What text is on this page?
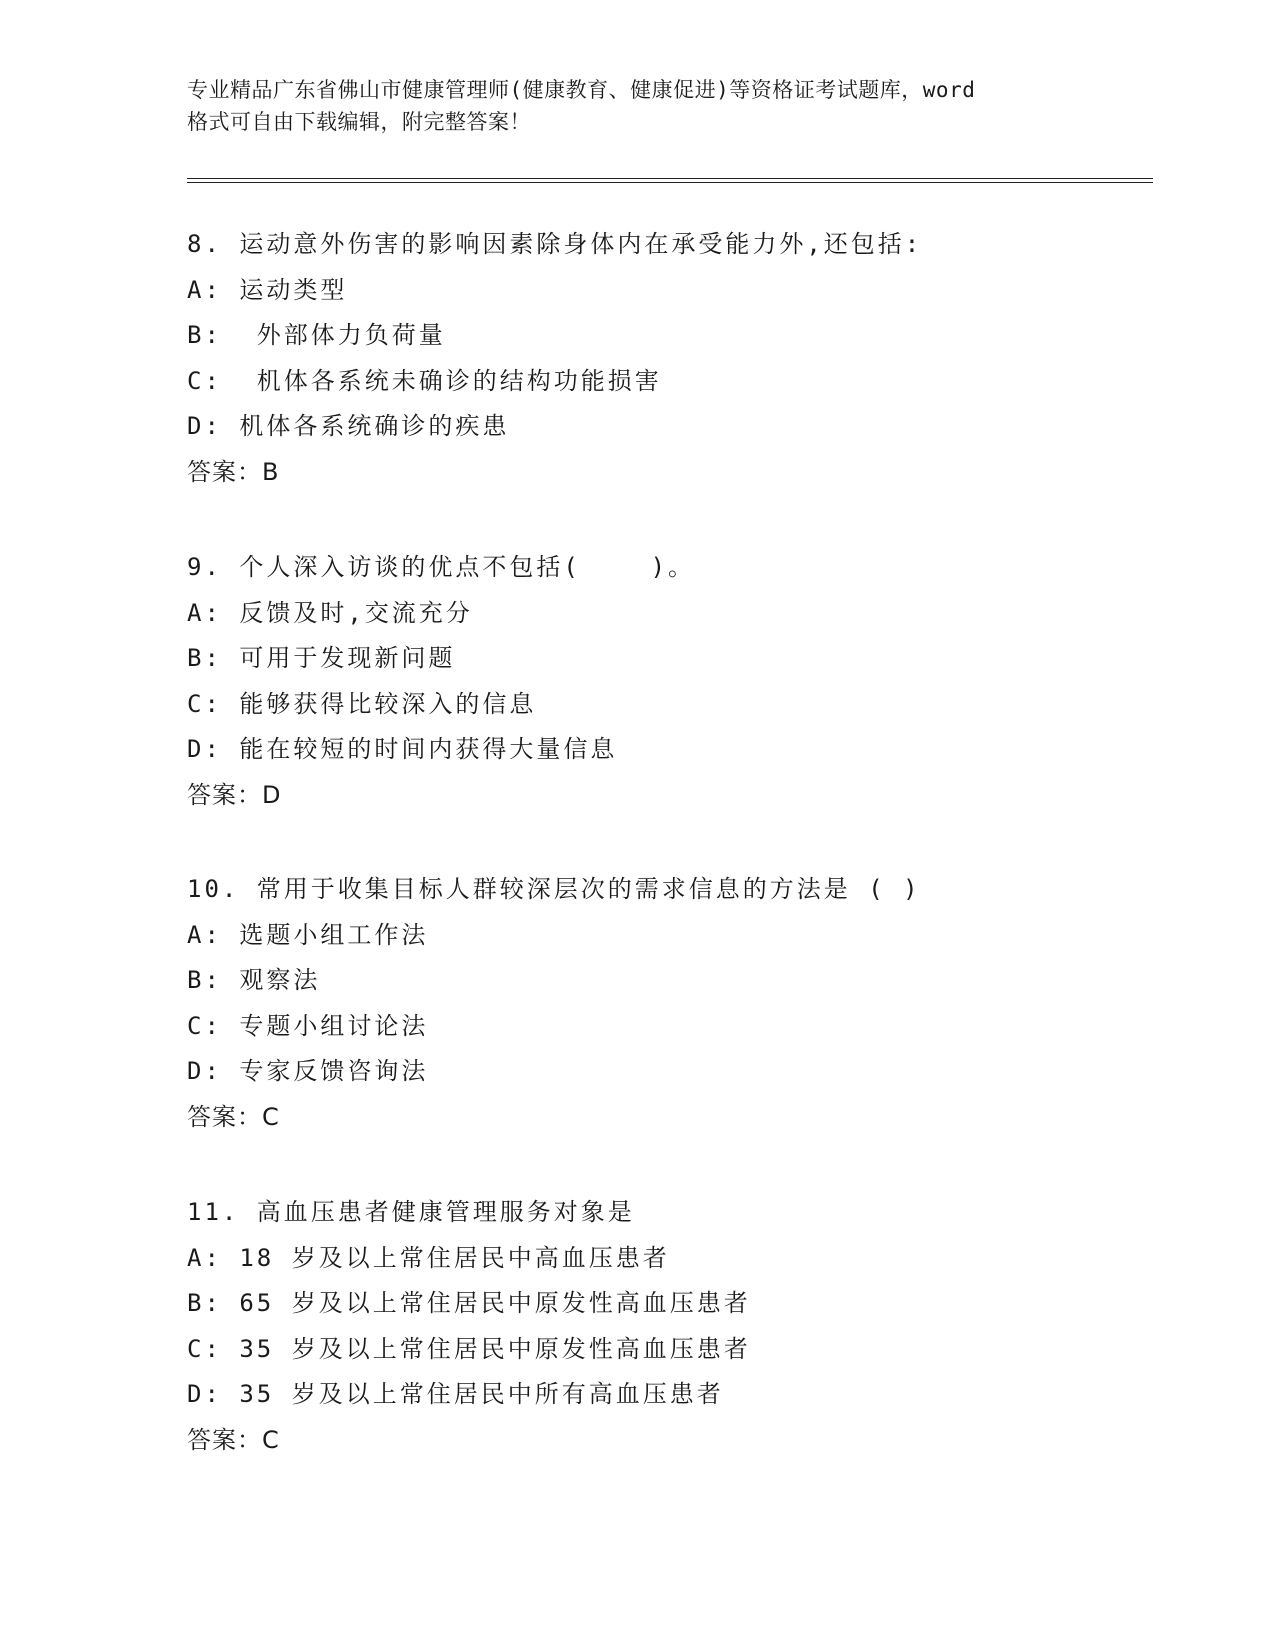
专业精品广东省佛山市健康管理师(健康教育、健康促进)等资格证考试题库，word
格式可自由下载编辑，附完整答案！
8. 运动意外伤害的影响因素除身体内在承受能力外,还包括:
A: 运动类型
B:  外部体力负荷量
C:  机体各系统未确诊的结构功能损害
D: 机体各系统确诊的疾患
答案：B
9. 个人深入访谈的优点不包括(    )。
A: 反馈及时,交流充分
B: 可用于发现新问题
C: 能够获得比较深入的信息
D: 能在较短的时间内获得大量信息
答案：D
10. 常用于收集目标人群较深层次的需求信息的方法是 ( )
A: 选题小组工作法
B: 观察法
C: 专题小组讨论法
D: 专家反馈咨询法
答案：C
11. 高血压患者健康管理服务对象是
A: 18 岁及以上常住居民中高血压患者
B: 65 岁及以上常住居民中原发性高血压患者
C: 35 岁及以上常住居民中原发性高血压患者
D: 35 岁及以上常住居民中所有高血压患者
答案：C
